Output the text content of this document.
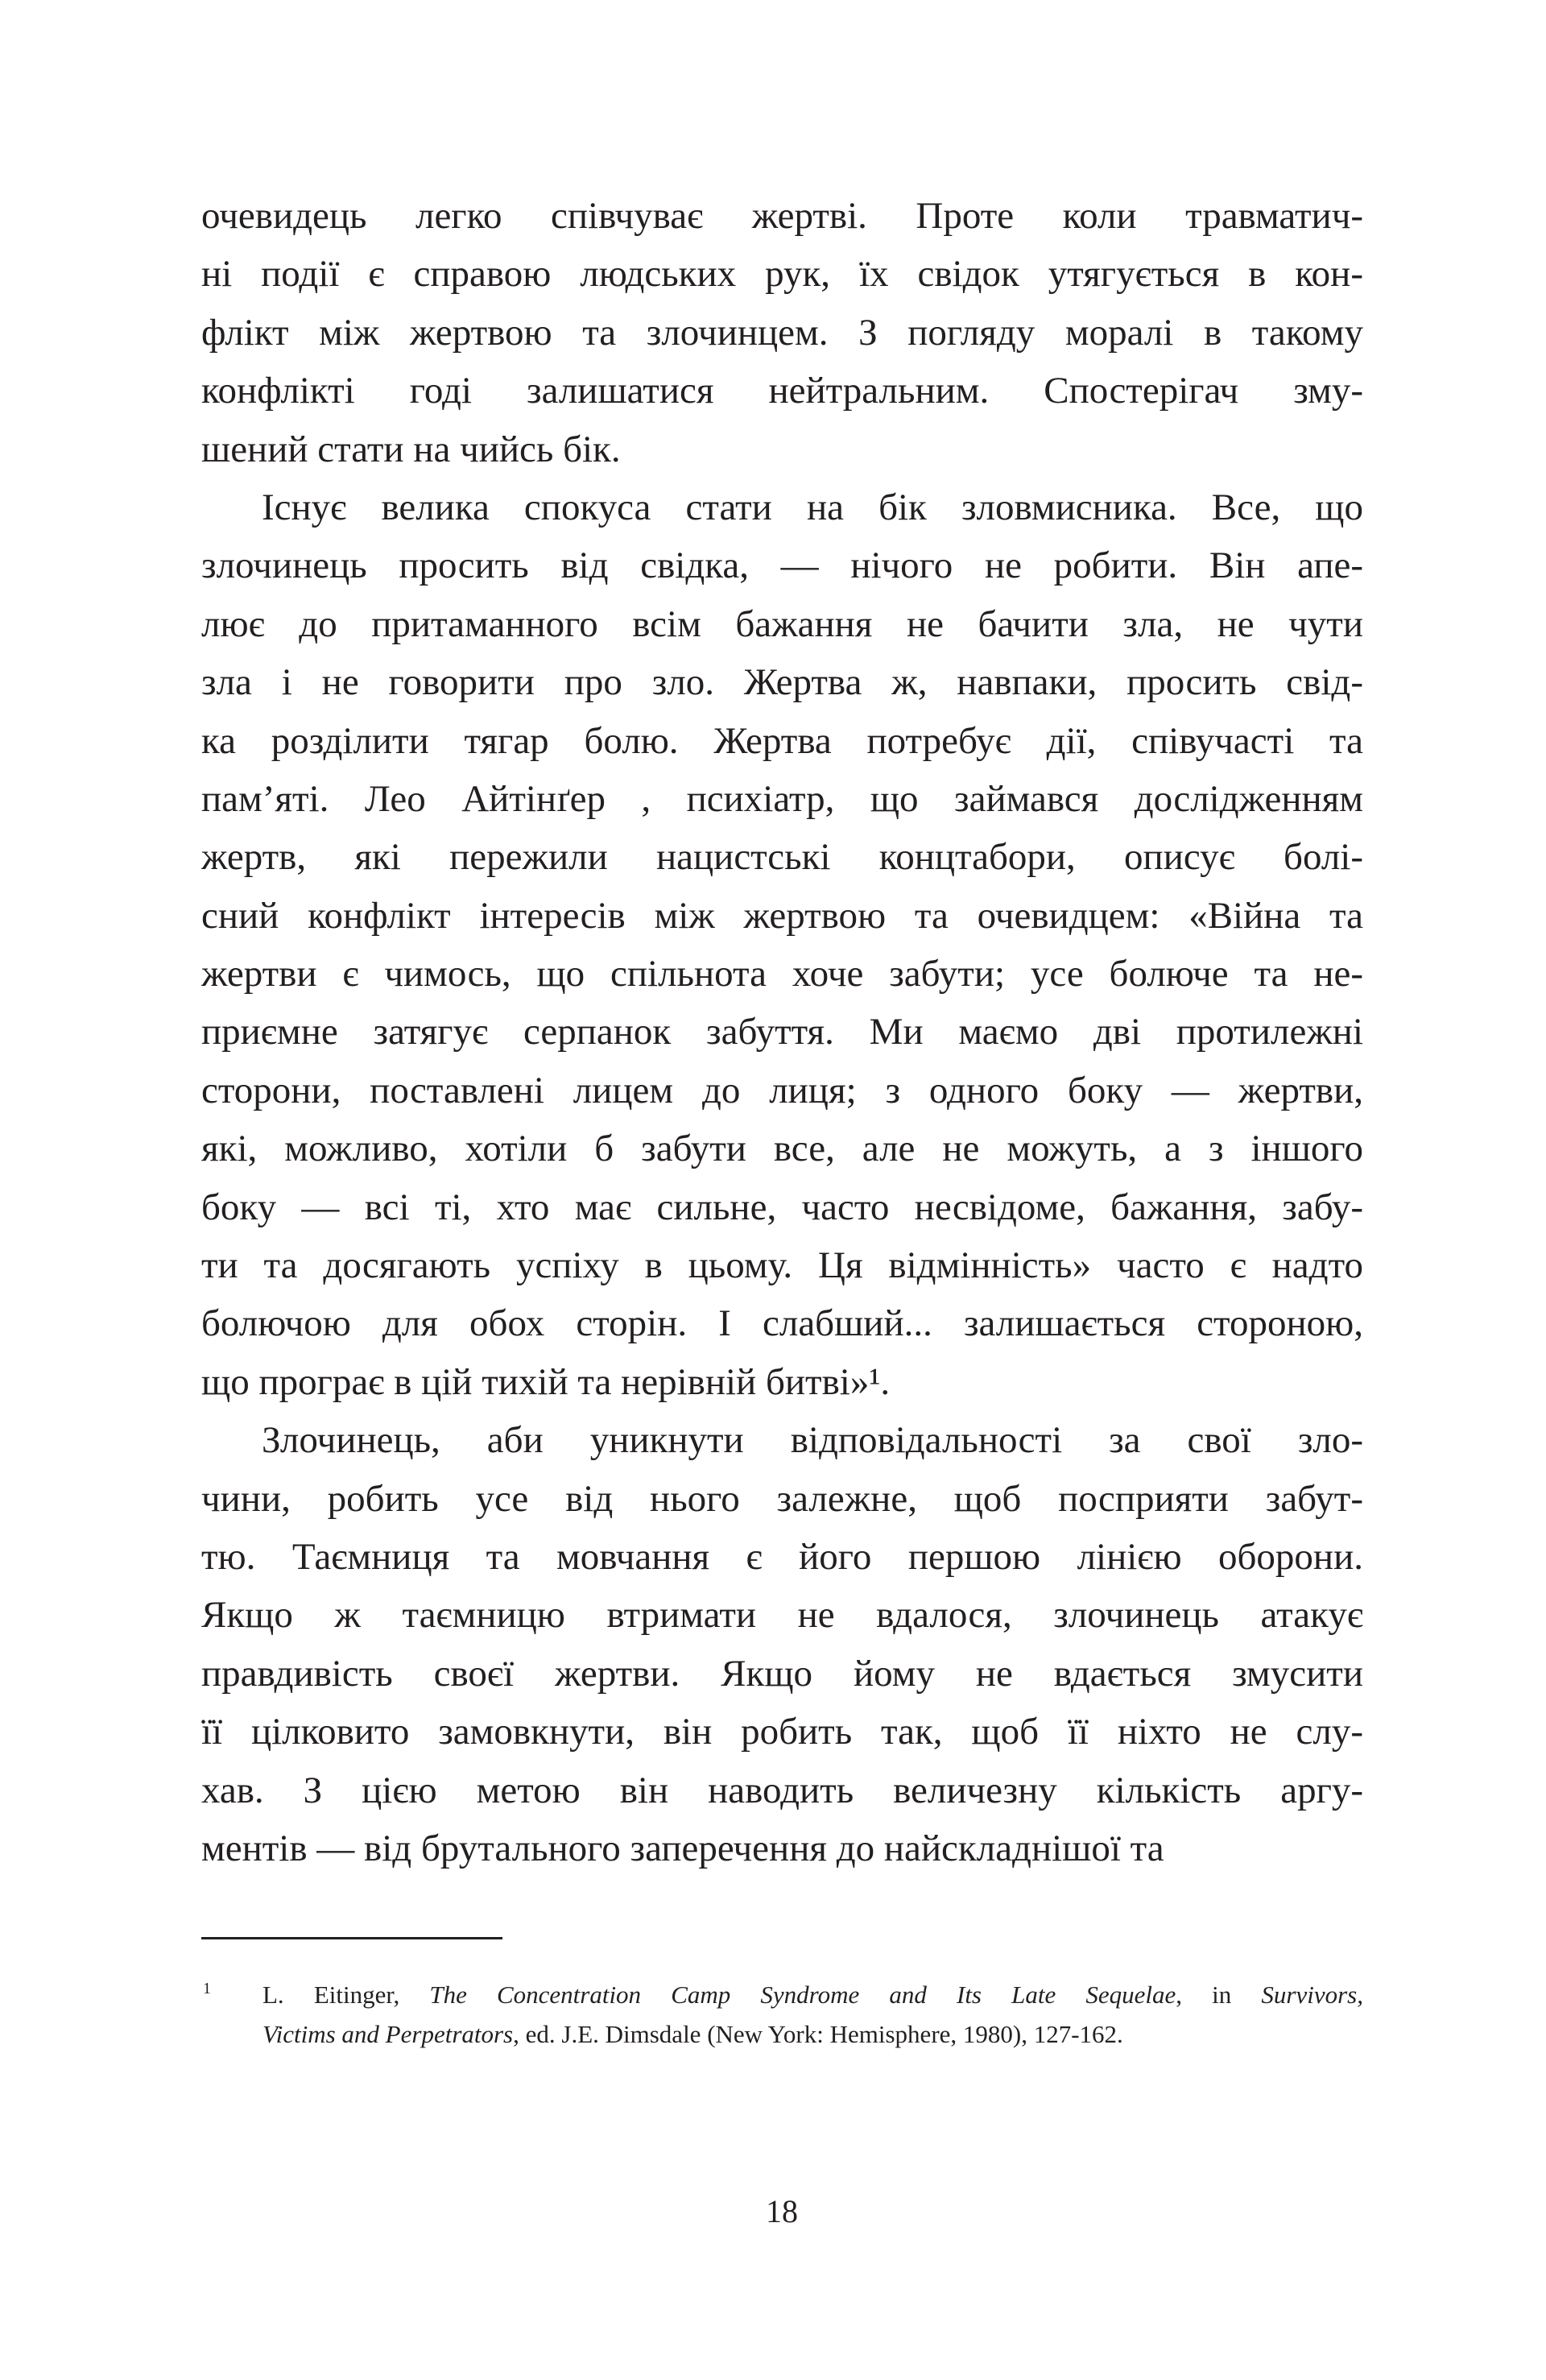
очевидець легко співчуває жертві. Проте коли травматич-
ні події є справою людських рук, їх свідок утягується в кон-
флікт між жертвою та злочинцем. З погляду моралі в такому
конфлікті годі залишатися нейтральним. Спостерігач зму-
шений стати на чийсь бік.
Існує велика спокуса стати на бік зловмисника. Все, що
злочинець просить від свідка, — нічого не робити. Він апе-
лює до притаманного всім бажання не бачити зла, не чути
зла і не говорити про зло. Жертва ж, навпаки, просить свід-
ка розділити тягар болю. Жертва потребує дії, співучасті та
пам’яті. Лео Айтінґер , психіатр, що займався дослідженням
жертв, які пережили нацистські концтабори, описує болі-
сний конфлікт інтересів між жертвою та очевидцем: «Війна та
жертви є чимось, що спільнота хоче забути; усе болюче та не-
приємне затягує серпанок забуття. Ми маємо дві протилежні
сторони, поставлені лицем до лиця; з одного боку — жертви,
які, можливо, хотіли б забути все, але не можуть, а з іншого
боку — всі ті, хто має сильне, часто несвідоме, бажання, забу-
ти та досягають успіху в цьому. Ця відмінність» часто є надто
болючою для обох сторін. І слабший... залишається стороною,
що програє в цій тихій та нерівній битві»¹.
Злочинець, аби уникнути відповідальності за свої зло-
чини, робить усе від нього залежне, щоб посприяти забут-
тю. Таємниця та мовчання є його першою лінією оборони.
Якщо ж таємницю втримати не вдалося, злочинець атакує
правдивість своєї жертви. Якщо йому не вдається змусити
її цілковито замовкнути, він робить так, щоб її ніхто не слу-
хав. З цією метою він наводить величезну кількість аргу-
ментів — від брутального заперечення до найскладнішої та
1 L. Eitinger, The Concentration Camp Syndrome and Its Late Sequelae, in Survivors,
Victims and Perpetrators, ed. J.E. Dimsdale (New York: Hemisphere, 1980), 127-162.
18
